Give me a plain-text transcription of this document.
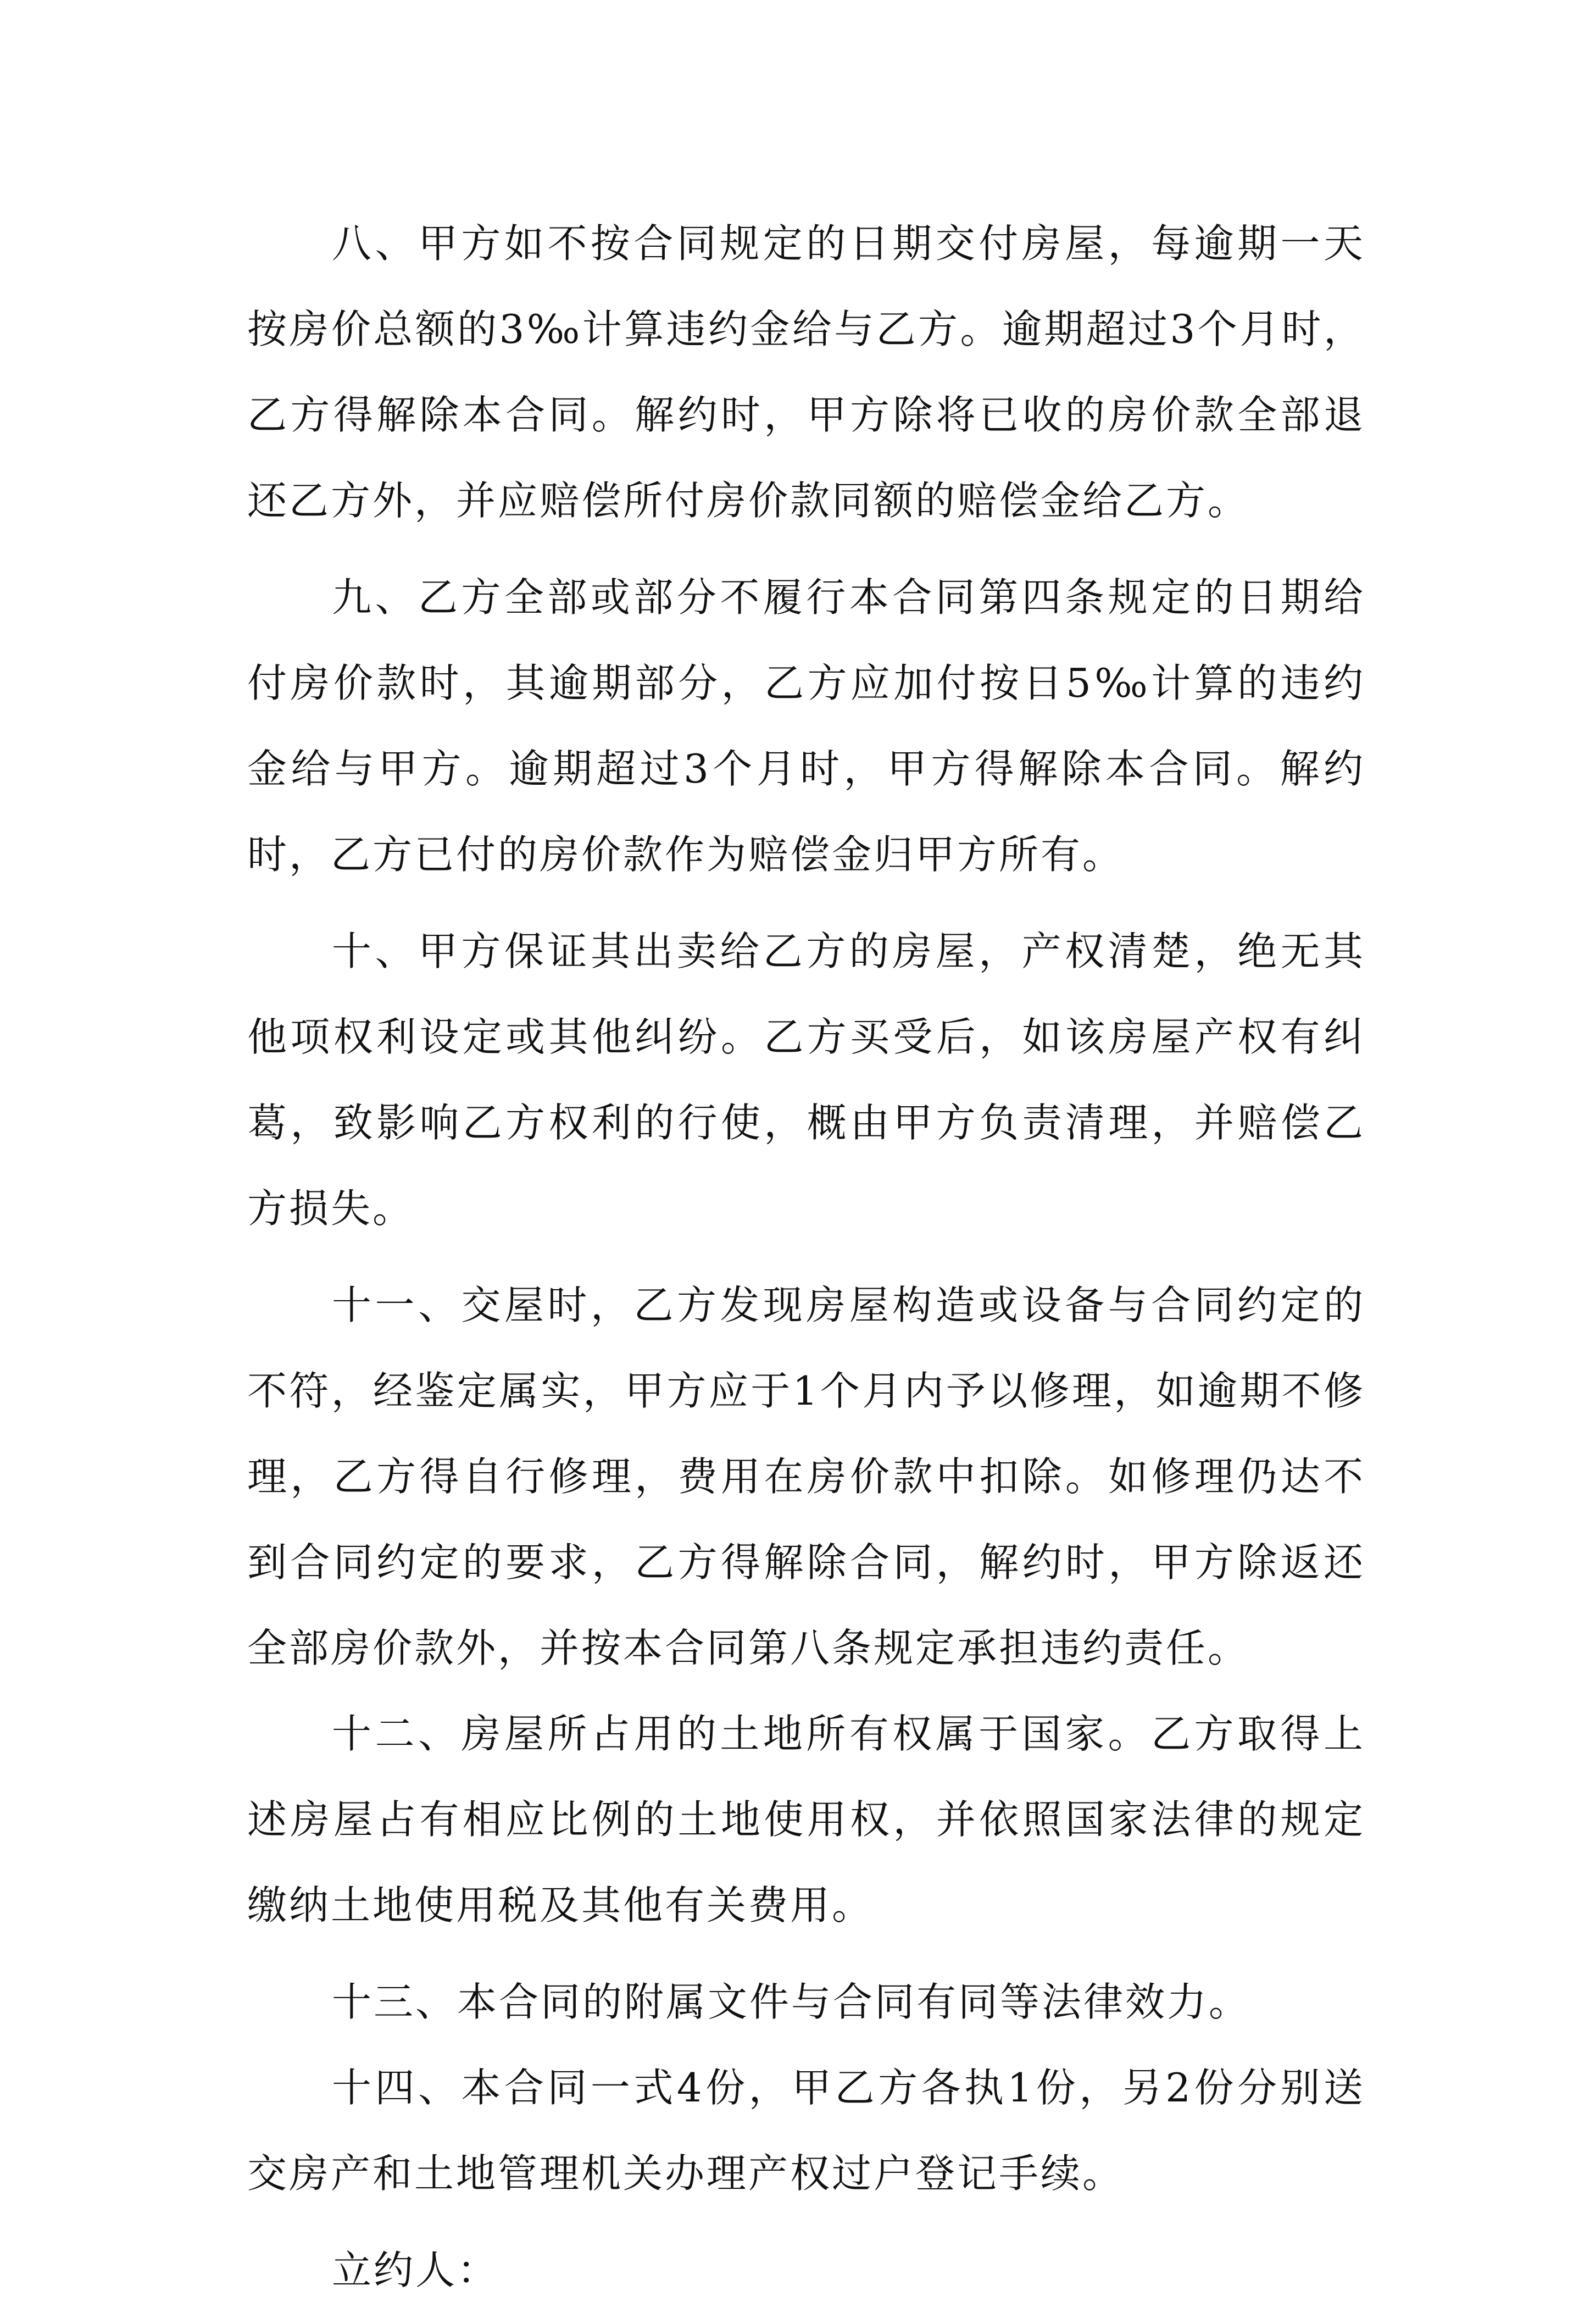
八、甲方如不按合同规定的日期交付房屋，每逾期一天按房价总额的3‰计算违约金给与乙方。逾期超过3个月时，乙方得解除本合同。解约时，甲方除将已收的房价款全部退还乙方外，并应赔偿所付房价款同额的赔偿金给乙方。

九、乙方全部或部分不履行本合同第四条规定的日期给付房价款时，其逾期部分，乙方应加付按日5‰计算的违约金给与甲方。逾期超过3个月时，甲方得解除本合同。解约时，乙方已付的房价款作为赔偿金归甲方所有。

十、甲方保证其出卖给乙方的房屋，产权清楚，绝无其他项权利设定或其他纠纷。乙方买受后，如该房屋产权有纠葛，致影响乙方权利的行使，概由甲方负责清理，并赔偿乙方损失。

十一、交屋时，乙方发现房屋构造或设备与合同约定的不符，经鉴定属实，甲方应于1个月内予以修理，如逾期不修理，乙方得自行修理，费用在房价款中扣除。如修理仍达不到合同约定的要求，乙方得解除合同，解约时，甲方除返还全部房价款外，并按本合同第八条规定承担违约责任。

十二、房屋所占用的土地所有权属于国家。乙方取得上述房屋占有相应比例的土地使用权，并依照国家法律的规定缴纳土地使用税及其他有关费用。

十三、本合同的附属文件与合同有同等法律效力。

十四、本合同一式4份，甲乙方各执1份，另2份分别送交房产和土地管理机关办理产权过户登记手续。

立约人：
